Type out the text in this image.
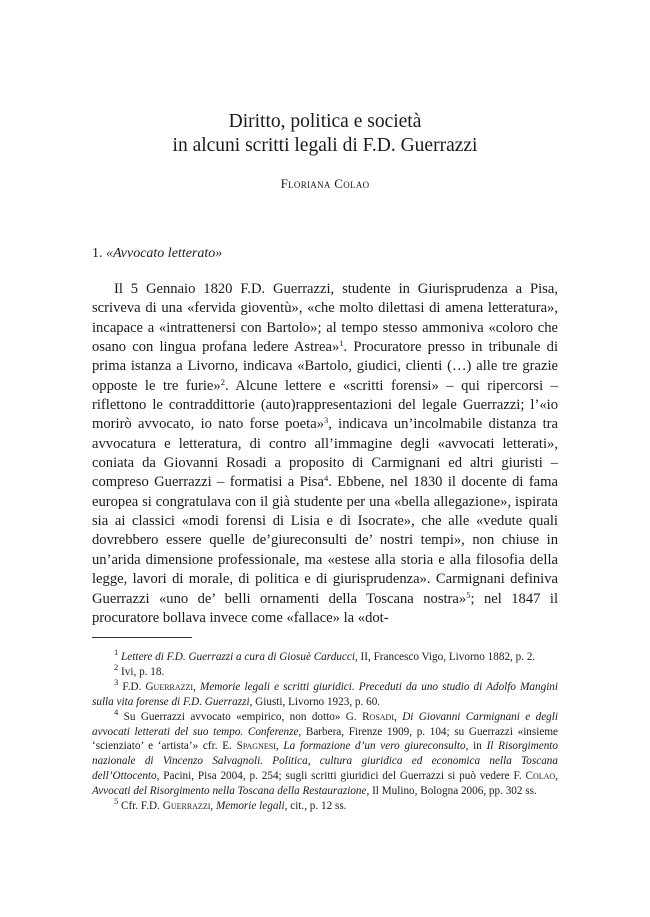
Diritto, politica e società
in alcuni scritti legali di F.D. Guerrazzi
Floriana Colao
1. «Avvocato letterato»

Il 5 Gennaio 1820 F.D. Guerrazzi, studente in Giurisprudenza a Pisa, scriveva di una «fervida gioventù», «che molto dilettasi di amena letteratura», incapace a «intrattenersi con Bartolo»; al tempo stesso ammoniva «coloro che osano con lingua profana ledere Astrea»$^1$. Procuratore presso in tribunale di prima istanza a Livorno, indicava «Bartolo, giudici, clienti (…) alle tre grazie opposte le tre furie»$^2$. Alcune lettere e «scritti forensi» – qui ripercorsi – riflettono le contraddittorie (auto)rappresentazioni del legale Guerrazzi; l’«io morirò avvocato, io nato forse poeta»$^3$, indicava un’incolmabile distanza tra avvocatura e letteratura, di contro all’immagine degli «avvocati letterati», coniata da Giovanni Rosadi a proposito di Carmignani ed altri giuristi – compreso Guerrazzi – formatisi a Pisa$^4$. Ebbene, nel 1830 il docente di fama europea si congratulava con il già studente per una «bella allegazione», ispirata sia ai classici «modi forensi di Lisia e di Isocrate», che alle «vedute quali dovrebbero essere quelle de’giureconsulti de’ nostri tempi», non chiuse in un’arida dimensione professionale, ma «estese alla storia e alla filosofia della legge, lavori di morale, di politica e di giurisprudenza». Carmignani definiva Guerrazzi «uno de’ belli ornamenti della Toscana nostra»$^5$; nel 1847 il procuratore bollava invece come «fallace» la «dot-

$^1$ Lettere di F.D. Guerrazzi a cura di Giosuè Carducci, II, Francesco Vigo, Livorno 1882, p. 2.

$^2$ Ivi, p. 18.

$^3$ F.D. Guerrazzi, Memorie legali e scritti giuridici. Preceduti da uno studio di Adolfo Mangini sulla vita forense di F.D. Guerrazzi, Giusti, Livorno 1923, p. 60.

$^4$ Su Guerrazzi avvocato «empirico, non dotto» G. Rosadi, Di Giovanni Carmignani e degli avvocati letterati del suo tempo. Conferenze, Barbera, Firenze 1909, p. 104; su Guerrazzi «insieme ‘scienziato’ e ‘artista’» cfr. E. Spagnesi, La formazione d’un vero giureconsulto, in Il Risorgimento nazionale di Vincenzo Salvagnoli. Politica, cultura giuridica ed economica nella Toscana dell’Ottocento, Pacini, Pisa 2004, p. 254; sugli scritti giuridici del Guerrazzi si può vedere F. Colao, Avvocati del Risorgimento nella Toscana della Restaurazione, Il Mulino, Bologna 2006, pp. 302 ss.

$^5$ Cfr. F.D. Guerrazzi, Memorie legali, cit., p. 12 ss.
